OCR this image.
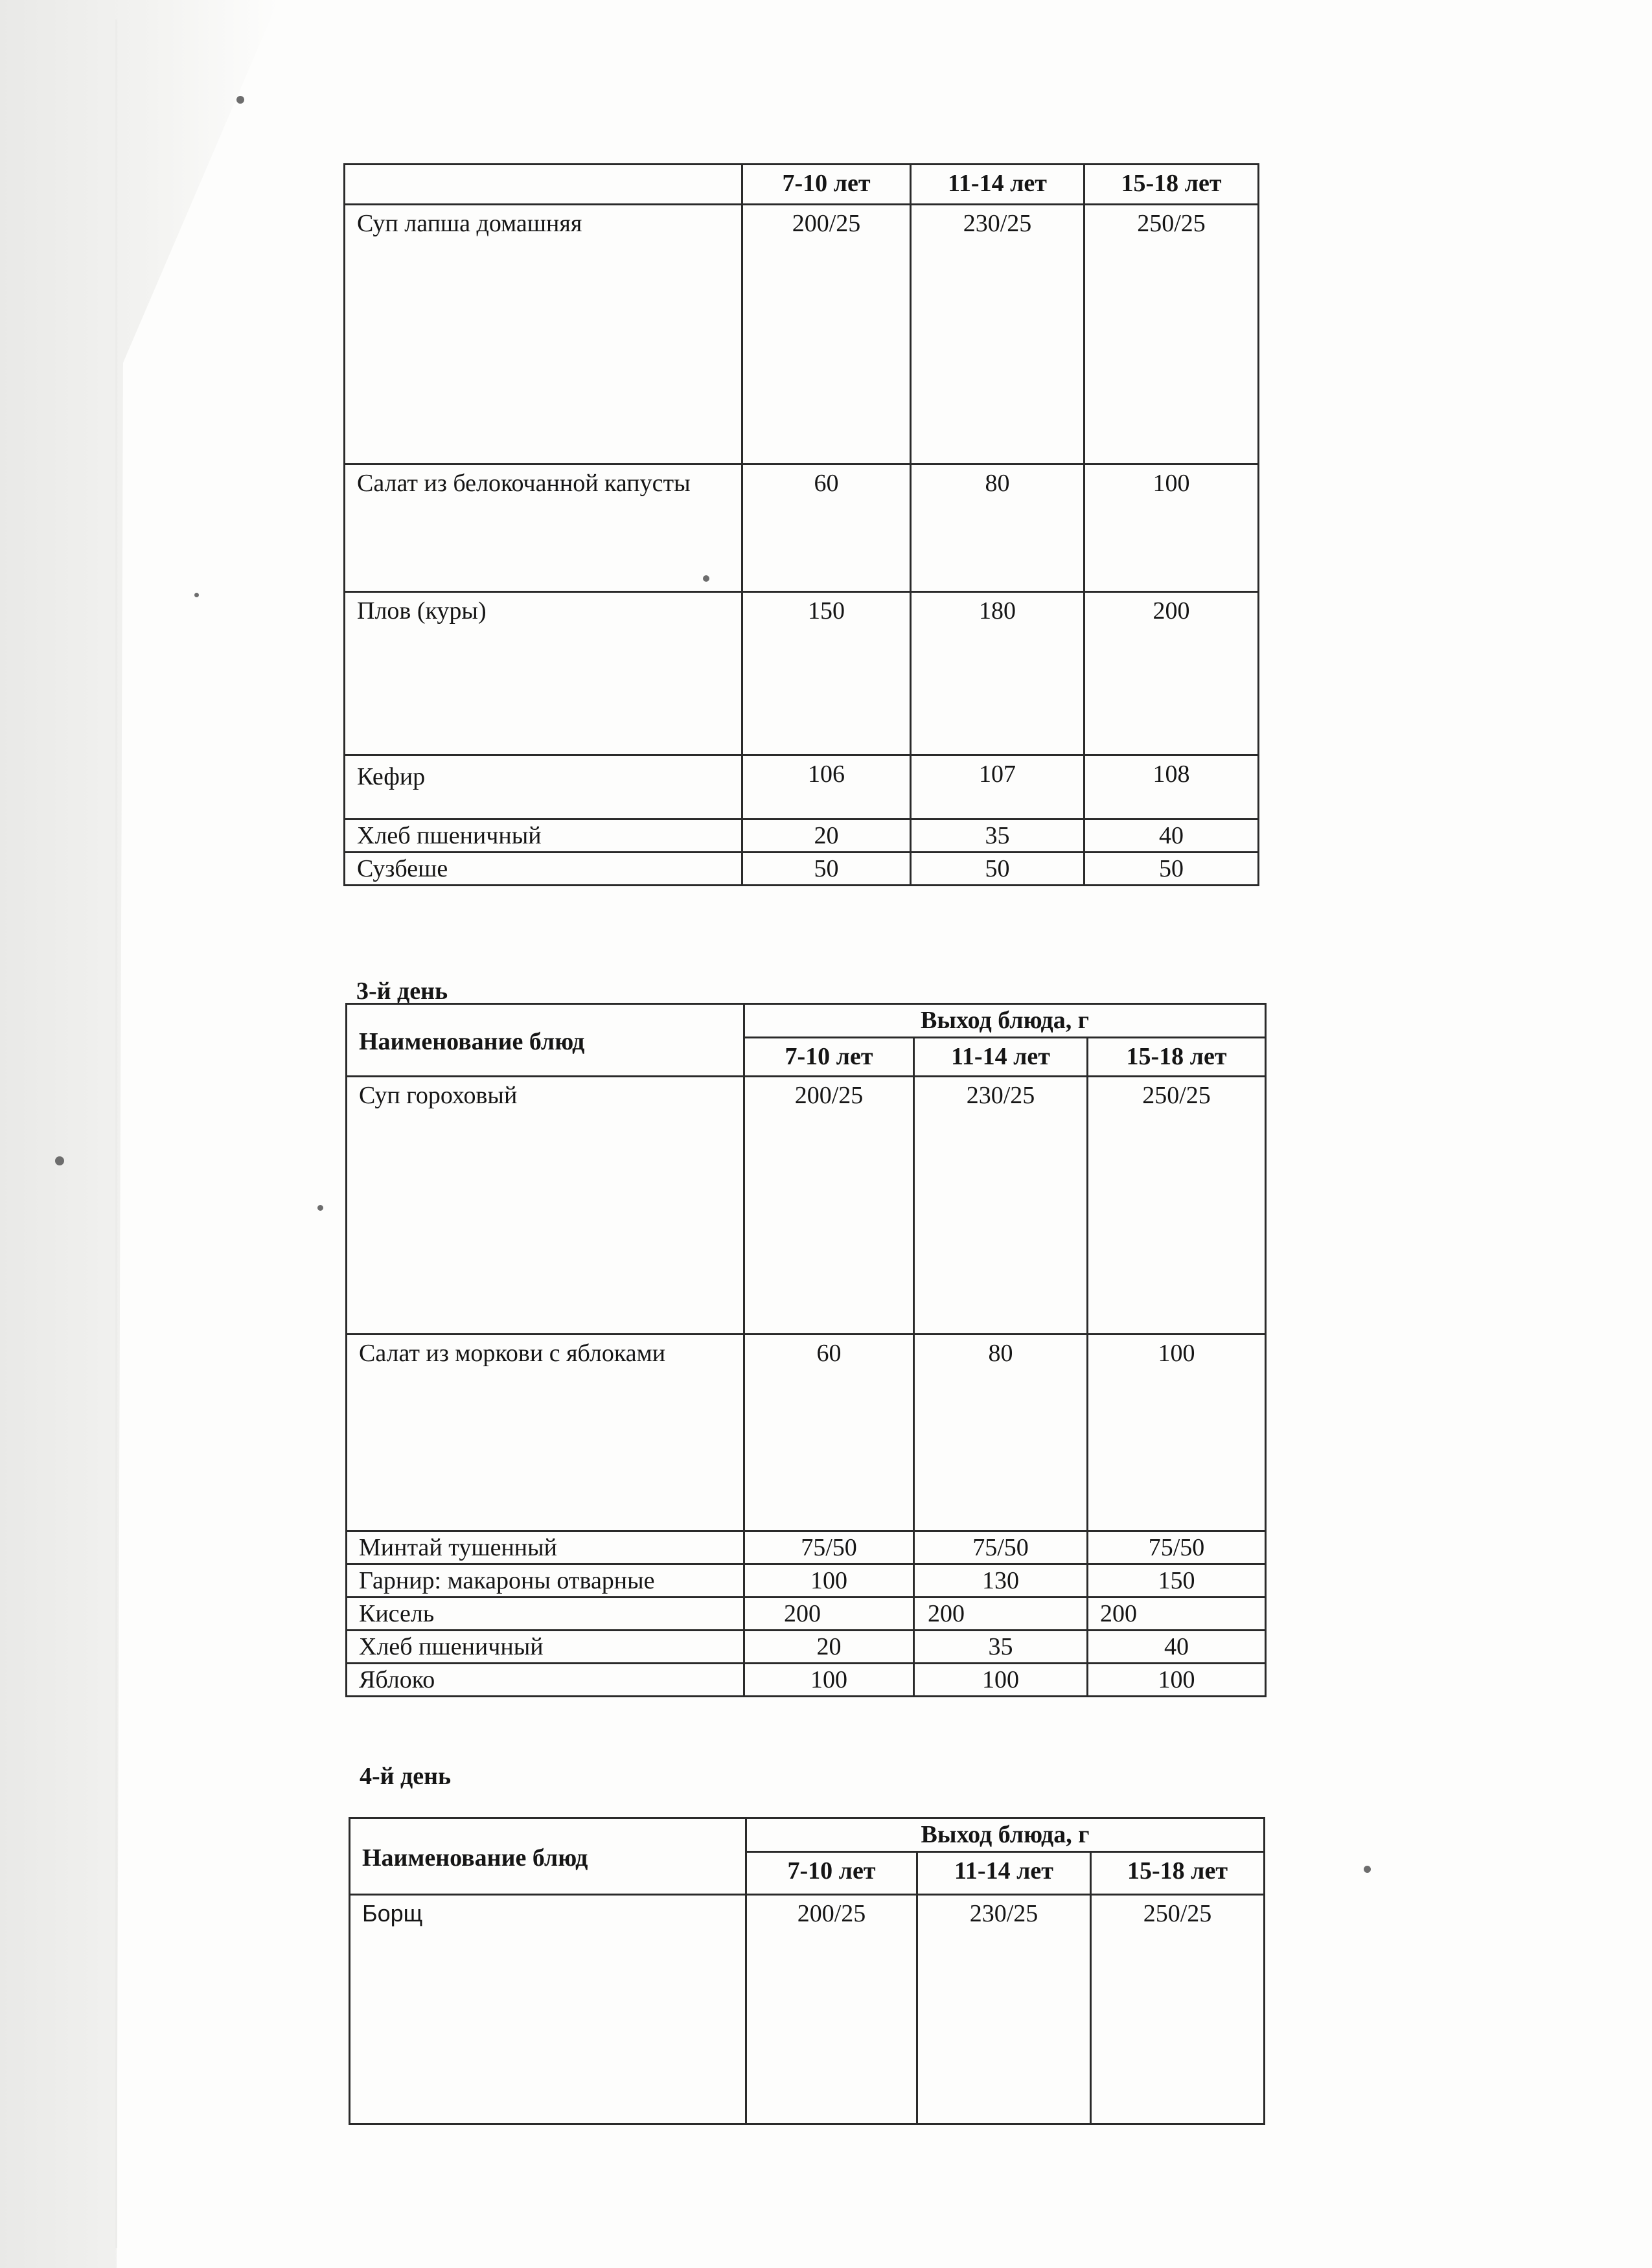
	7-10 лет	11-14 лет	15-18 лет
Суп лапша домашняя	200/25	230/25	250/25
Салат из белокочанной капусты	60	80	100
Плов (куры)	150	180	200
Кефир	106	107	108
Хлеб пшеничный	20	35	40
Сузбеше	50	50	50
3-й день
Наименование блюд	Выход блюда, г		
	7-10 лет	11-14 лет	15-18 лет
Суп гороховый	200/25	230/25	250/25
Салат из моркови с яблоками	60	80	100
Минтай тушенный	75/50	75/50	75/50
Гарнир: макароны отварные	100	130	150
Кисель	200	200	200
Хлеб пшеничный	20	35	40
Яблоко	100	100	100
4-й день
Наименование блюд	Выход блюда, г		
	7-10 лет	11-14 лет	15-18 лет
Борщ	200/25	230/25	250/25
